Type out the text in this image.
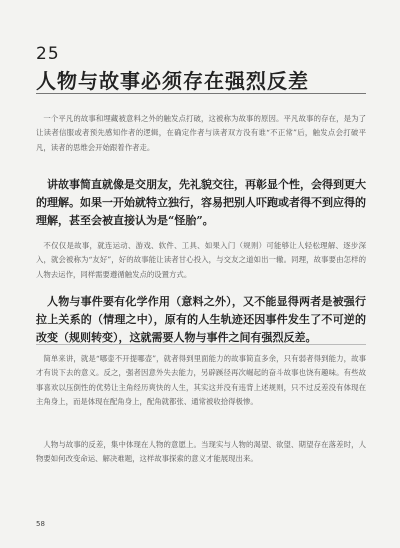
25
人物与故事必须存在强烈反差

一个平凡的故事和埋藏被意料之外的触发点打破，这被称为故事的原因。平凡故事的存在，是为了让读者信服或者预先感知作者的逻辑，在确定作者与读者双方没有谁“不正常”后，触发点会打破平凡，读者的思维会开始跟着作者走。

讲故事简直就像是交朋友，先礼貌交往，再彰显个性，会得到更大的理解。如果一开始就特立独行，容易把别人吓跑或者得不到应得的理解，甚至会被直接认为是“怪胎”。

不仅仅是故事，就连运动、游戏、软件、工具、如果入门（规则）可能够让人轻松理解、逐步深入，就会被称为“友好”，好的故事能让读者甘心投入，与交友之道如出一辙。同理，故事要由怎样的人物去运作，同样需要遵循触发点的设置方式。

人物与事件要有化学作用（意料之外），又不能显得两者是被强行拉上关系的（情理之中），原有的人生轨迹还因事件发生了不可逆的改变（规则转变），这就需要人物与事件之间有强烈反差。

简单来讲，就是“哪壶不开提哪壶”，就者得到里面能力的故事简直多余，只有弱者得到能力，故事才有说下去的意义。反之，强者因意外失去能力，另辟蹊径再次崛起的奋斗故事也饶有趣味。有些故事喜欢以压倒性的优势让主角经历爽快的人生，其实这并没有违背上述规则，只不过反差没有体现在主角身上，而是体现在配角身上，配角就都张、通常被收拾得极惨。

人物与故事的反差，集中体现在人物的意愿上。当现实与人物的渴望、欲望、期望存在落差时，人物要如何改变命运、解决难题，这样故事探索的意义才能展现出来。

58
